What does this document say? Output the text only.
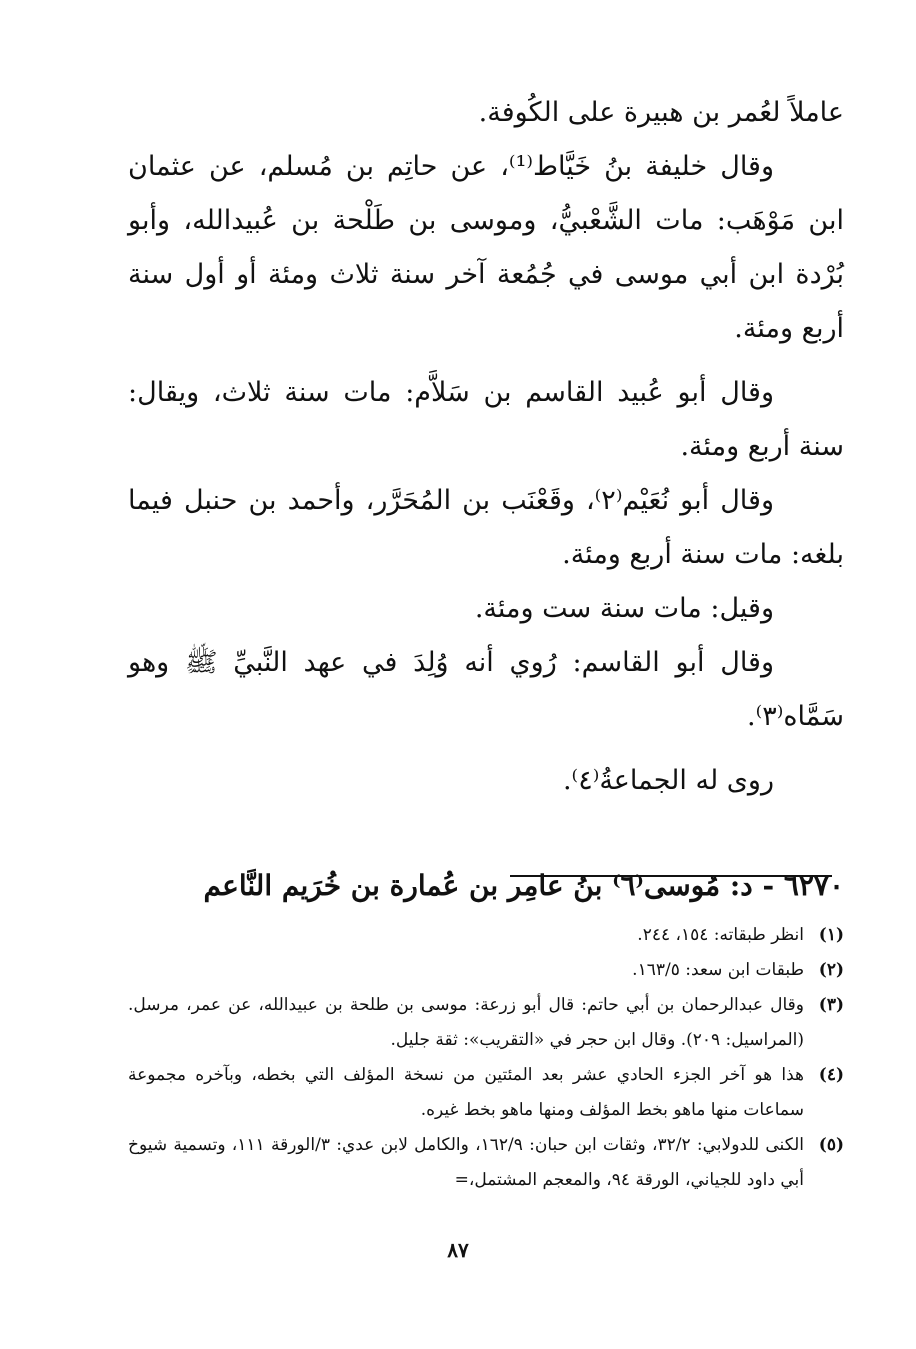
عاملاً لعُمر بن هبيرة على الكُوفة.

وقال خليفة بنُ خَيَّاط⁽¹⁾، عن حاتِم بن مُسلم، عن عثمان ابن مَوْهَب: مات الشَّعْبيُّ، وموسى بن طَلْحة بن عُبيدالله، وأبو بُرْدة ابن أبي موسى في جُمُعة آخر سنة ثلاث ومئة أو أول سنة أربع ومئة.

وقال أبو عُبيد القاسم بن سَلاَّم: مات سنة ثلاث، ويقال: سنة أربع ومئة.

وقال أبو نُعَيْم⁽٢⁾، وقَعْنَب بن المُحَرَّر، وأحمد بن حنبل فيما بلغه: مات سنة أربع ومئة.

وقيل: مات سنة ست ومئة.

وقال أبو القاسم: رُوي أنه وُلِدَ في عهد النَّبيِّ ﷺ وهو سَمَّاه⁽٣⁾.

روى له الجماعةُ⁽٤⁾.

٦٢٧٠ - د: مُوسى⁽٦⁾ بنُ عامِر بن عُمارة بن خُرَيم النَّاعم

(١)
انظر طبقاته: ١٥٤، ٢٤٤.
(٢)
طبقات ابن سعد: ١٦٣/٥.
(٣)
وقال عبدالرحمان بن أبي حاتم: قال أبو زرعة: موسى بن طلحة بن عبيدالله، عن عمر، مرسل. (المراسيل: ٢٠٩). وقال ابن حجر في «التقريب»: ثقة جليل.
(٤)
هذا هو آخر الجزء الحادي عشر بعد المئتين من نسخة المؤلف التي بخطه، وبآخره مجموعة سماعات منها ماهو بخط المؤلف ومنها ماهو بخط غيره.
(٥)
الكنى للدولابي: ٣٢/٢، وثقات ابن حبان: ١٦٢/٩، والكامل لابن عدي: ٣/الورقة ١١١، وتسمية شيوخ أبي داود للجياني، الورقة ٩٤، والمعجم المشتمل،=
٨٧
